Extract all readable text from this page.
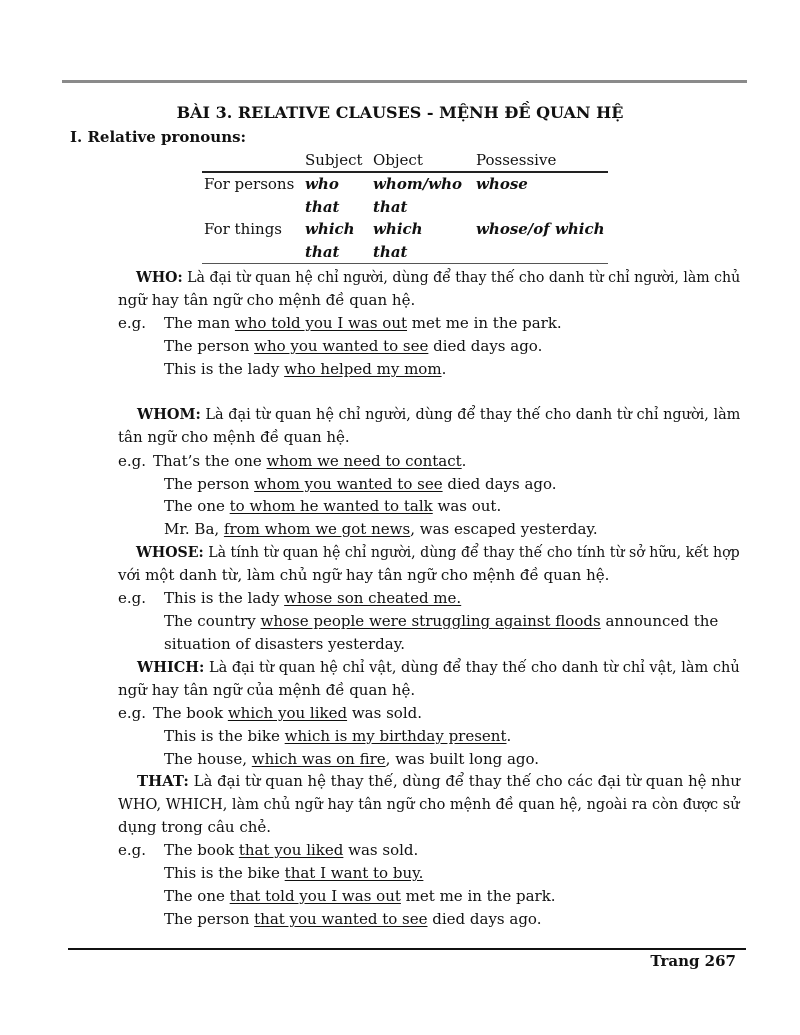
BÀI 3. RELATIVE CLAUSES - MỆNH ĐỀ QUAN HỆ
I. Relative pronouns:
	Subject	Object	Possessive
For persons	who	whom/who	whose
	that	that	
For things	which	which	whose/of which
	that	that	
WHO: Là đại từ quan hệ chỉ người, dùng để thay thế cho danh từ chỉ người, làm chủ
ngữ hay tân ngữ cho mệnh đề quan hệ.
e.g. The man who told you I was out met me in the park.
The person who you wanted to see died days ago.
This is the lady who helped my mom.
WHOM: Là đại từ quan hệ chỉ người, dùng để thay thế cho danh từ chỉ người, làm
tân ngữ cho mệnh đề quan hệ.
e.g. That’s the one whom we need to contact.
The person whom you wanted to see died days ago.
The one to whom he wanted to talk was out.
Mr. Ba, from whom we got news, was escaped yesterday.
WHOSE: Là tính từ quan hệ chỉ người, dùng để thay thế cho tính từ sở hữu, kết hợp
với một danh từ, làm chủ ngữ hay tân ngữ cho mệnh đề quan hệ.
e.g. This is the lady whose son cheated me.
The country whose people were struggling against floods announced the
situation of disasters yesterday.
WHICH: Là đại từ quan hệ chỉ vật, dùng để thay thế cho danh từ chỉ vật, làm chủ
ngữ hay tân ngữ của mệnh đề quan hệ.
e.g. The book which you liked was sold.
This is the bike which is my birthday present.
The house, which was on fire, was built long ago.
THAT: Là đại từ quan hệ thay thế, dùng để thay thế cho các đại từ quan hệ như
WHO, WHICH, làm chủ ngữ hay tân ngữ cho mệnh đề quan hệ, ngoài ra còn được sử
dụng trong câu chẻ.
e.g. The book that you liked was sold.
This is the bike that I want to buy.
The one that told you I was out met me in the park.
The person that you wanted to see died days ago.
Trang 267
